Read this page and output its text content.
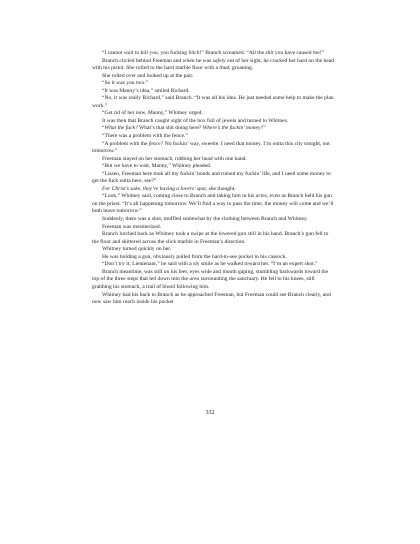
“I cannot wait to kill you, you fucking bitch!” Branch screamed. “All the shit you have caused me!”

Branch circled behind Freeman and when he was safely out of her sight, he cracked her hard on the head with his pistol. She rolled to the hard marble floor with a thud, groaning.

She rolled over and looked up at the pair.

“So it was you two.”

“It was Manny’s idea,” smiled Richard.

“No, it was really Richard,” said Branch. “It was all his idea. He just needed some help to make the plan work.”

“Get rid of her now, Manny,” Whitney urged.

It was then that Branch caught sight of the box full of jewels and turned to Whitney.

“What the fuck? What’s that shit doing here? Where’s the fuckin’ money?”

“There was a problem with the fence.”

“A problem with the fence? No fuckin’ way, sweetie. I need that money. I’m outta this city tonight, not tomorrow.”

Freeman stayed on her stomach, rubbing her head with one hand.

“But we have to wait, Manny,” Whitney pleaded.

“Lissen, Freeman here took all my fuckin’ bonds and ruined my fuckin’ life, and I need some money to get the fuck outta here, see?”

For Christ’s sake, they’re having a lovers’ spat, she thought.

“Look,” Whitney said, coming close to Branch and taking him in his arms, even as Branch held his gun on the priest. “It’s all happening tomorrow. We’ll find a way to pass the time, the money will come and we’ll both leave tomorrow.”

Suddenly, there was a shot, muffled somewhat by the clothing between Branch and Whitney.

Freeman was mesmerized.

Branch lurched back as Whitney took a swipe at the lowered gun still in his hand. Branch’s gun fell to the floor and skittered across the slick marble in Freeman’s direction.

Whitney turned quickly on her.

He was holding a gun, obviously pulled from the hard-to-see pocket in his cassock.

“Don’t try it, Lieutenant,” he said with a sly smile as he walked toward her. “I’m an expert shot.”

Branch meantime, was still on his feet, eyes wide and mouth gaping, stumbling backwards toward the top of the three steps that led down into the area surrounding the sanctuary. He fell to his knees, still grabbing his stomach, a trail of blood following him.

Whitney had his back to Branch as he approached Freeman, but Freeman could see Branch clearly, and now saw him reach inside his pocket

332
